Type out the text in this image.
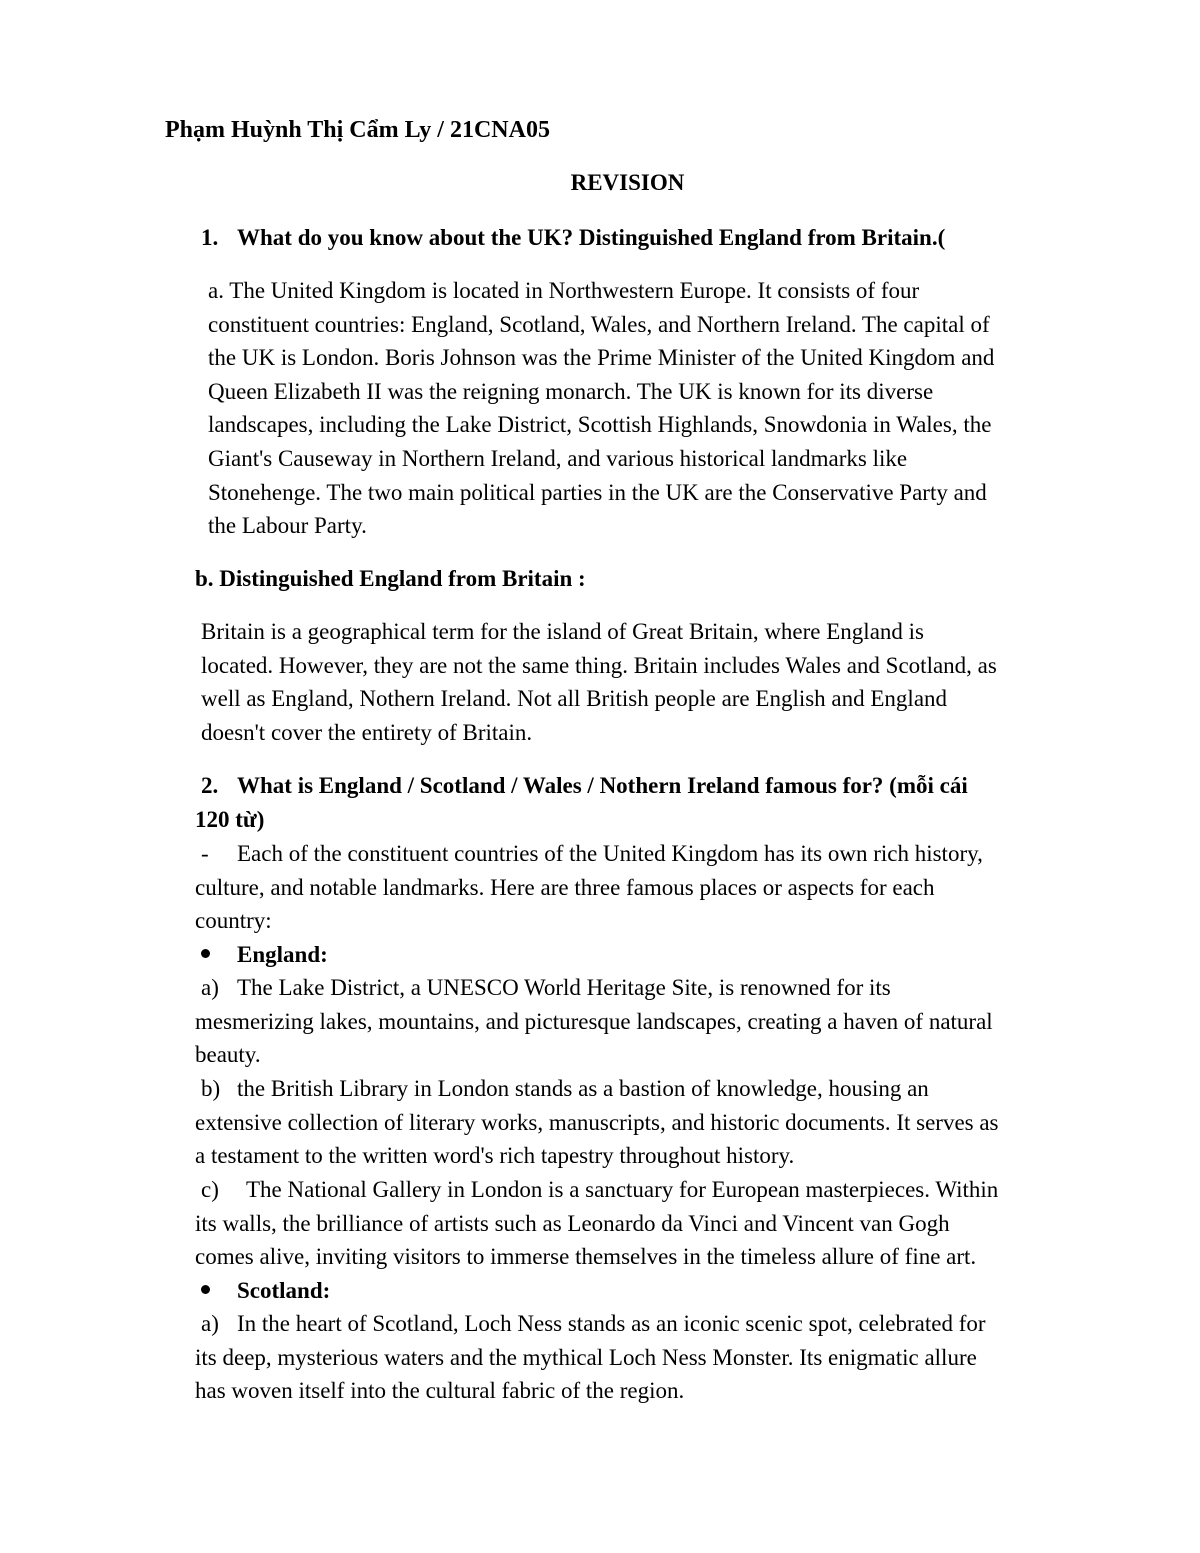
Phạm Huỳnh Thị Cẩm Ly / 21CNA05
REVISION
1. What do you know about the UK? Distinguished England from Britain.(
a. The United Kingdom is located in Northwestern Europe. It consists of four
constituent countries: England, Scotland, Wales, and Northern Ireland. The capital of
the UK is London. Boris Johnson was the Prime Minister of the United Kingdom and
Queen Elizabeth II was the reigning monarch. The UK is known for its diverse
landscapes, including the Lake District, Scottish Highlands, Snowdonia in Wales, the
Giant's Causeway in Northern Ireland, and various historical landmarks like
Stonehenge. The two main political parties in the UK are the Conservative Party and
the Labour Party.
b. Distinguished England from Britain :
Britain is a geographical term for the island of Great Britain, where England is
located. However, they are not the same thing. Britain includes Wales and Scotland, as
well as England, Nothern Ireland. Not all British people are English and England
doesn't cover the entirety of Britain.
2. What is England / Scotland / Wales / Nothern Ireland famous for? (mỗi cái
120 từ)
- Each of the constituent countries of the United Kingdom has its own rich history,
culture, and notable landmarks. Here are three famous places or aspects for each
country:
England:
a) The Lake District, a UNESCO World Heritage Site, is renowned for its
mesmerizing lakes, mountains, and picturesque landscapes, creating a haven of natural
beauty.
b) the British Library in London stands as a bastion of knowledge, housing an
extensive collection of literary works, manuscripts, and historic documents. It serves as
a testament to the written word's rich tapestry throughout history.
c) The National Gallery in London is a sanctuary for European masterpieces. Within
its walls, the brilliance of artists such as Leonardo da Vinci and Vincent van Gogh
comes alive, inviting visitors to immerse themselves in the timeless allure of fine art.
Scotland:
a) In the heart of Scotland, Loch Ness stands as an iconic scenic spot, celebrated for
its deep, mysterious waters and the mythical Loch Ness Monster. Its enigmatic allure
has woven itself into the cultural fabric of the region.
